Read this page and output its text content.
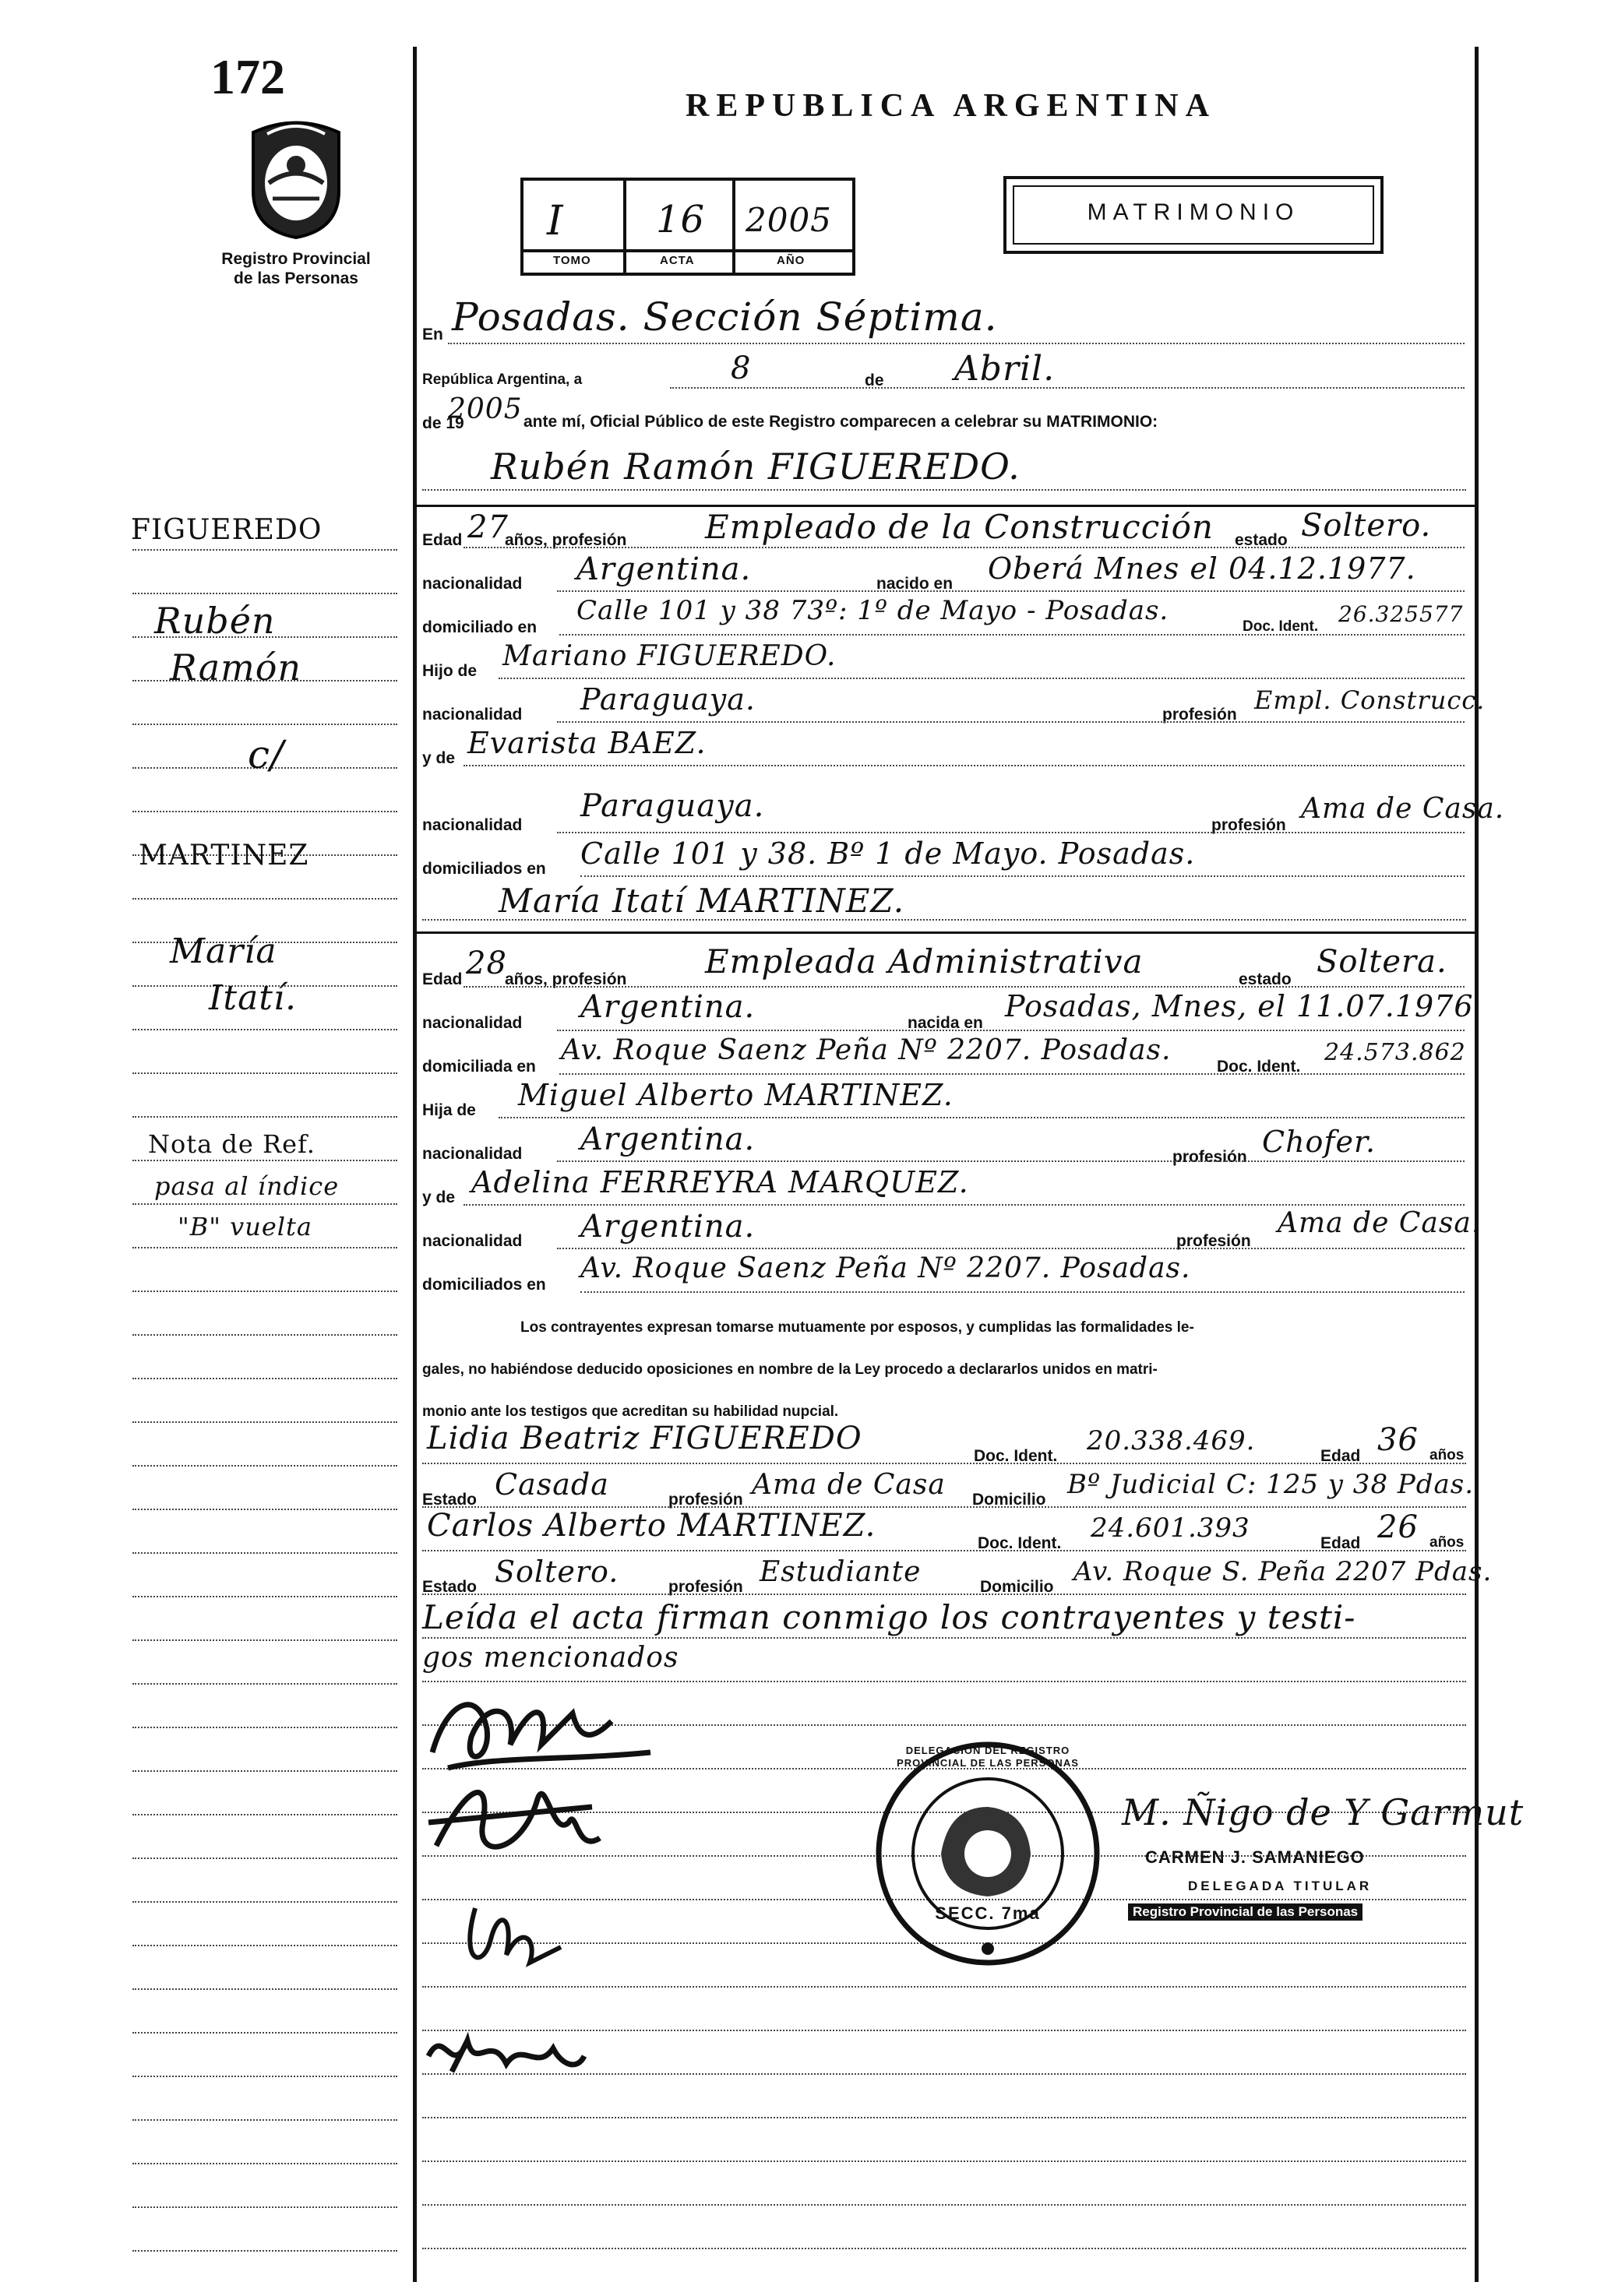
172
Registro Provincial
de las Personas
REPUBLICA ARGENTINA
I 16 2005
TOMO	ACTA	AÑO
MATRIMONIO
En Posadas. Sección Séptima.
República Argentina, a	8	de Abril.
de 19
2005 ante mí, Oficial Público de este Registro comparecen a celebrar su MATRIMONIO:
Rubén Ramón FIGUEREDO.
Edad 27
años, profesión Empleado de la Construcción estado Soltero.
nacionalidad Argentina.	nacido en Oberá Mnes el 04.12.1977.
domiciliado en
Calle 101 y 38 73º: 1º de Mayo - Posadas.
Doc. Ident. 26.325577
Hijo de Mariano FIGUEREDO.
nacionalidad Paraguaya.	profesión Empl. Construcc.
y de Evarista BAEZ.
nacionalidad
Paraguaya.
profesión
Ama de Casa.
domiciliados en Calle 101 y 38. Bº 1 de Mayo. Posadas.
María Itatí MARTINEZ.
Edad 28
años, profesión Empleada Administrativa	estado Soltera.
nacionalidad Argentina.	nacida en Posadas, Mnes, el 11.07.1976
domiciliada en
Av. Roque Saenz Peña Nº 2207. Posadas.
Doc. Ident.
24.573.862
Hija de Miguel Alberto MARTINEZ.
nacionalidad Argentina.	profesión Chofer.
y de Adelina FERREYRA MARQUEZ.
nacionalidad Argentina.	profesión
Ama de Casa.
domiciliados en
Av. Roque Saenz Peña Nº 2207. Posadas.
Los contrayentes expresan tomarse mutuamente por esposos, y cumplidas las formalidades le-
gales, no habiéndose deducido oposiciones en nombre de la Ley procedo a declararlos unidos en matri-
monio ante los testigos que acreditan su habilidad nupcial.
Lidia Beatriz FIGUEREDO	Doc. Ident. 20.338.469.	Edad 36 años
Estado Casada	profesión Ama de Casa Domicilio Bº Judicial C: 125 y 38 Pdas.
Carlos Alberto MARTINEZ.	Doc. Ident. 24.601.393	Edad 26 años
Estado Soltero.	profesión Estudiante	Domicilio Av. Roque S. Peña 2207 Pdas.
Leída el acta firman conmigo los contrayentes y testi-
gos mencionados
FIGUEREDO
Rubén
Ramón
c/
MARTINEZ
María
Itatí.
Nota de Ref.
pasa al índice
"B" vuelta
DELEGACIÓN DEL REGISTRO PROVINCIAL DE LAS PERSONAS
SECC. 7ma
M. Ñigo de Y Garmut
CARMEN J. SAMANIEGO
DELEGADA TITULAR
Registro Provincial de las Personas
